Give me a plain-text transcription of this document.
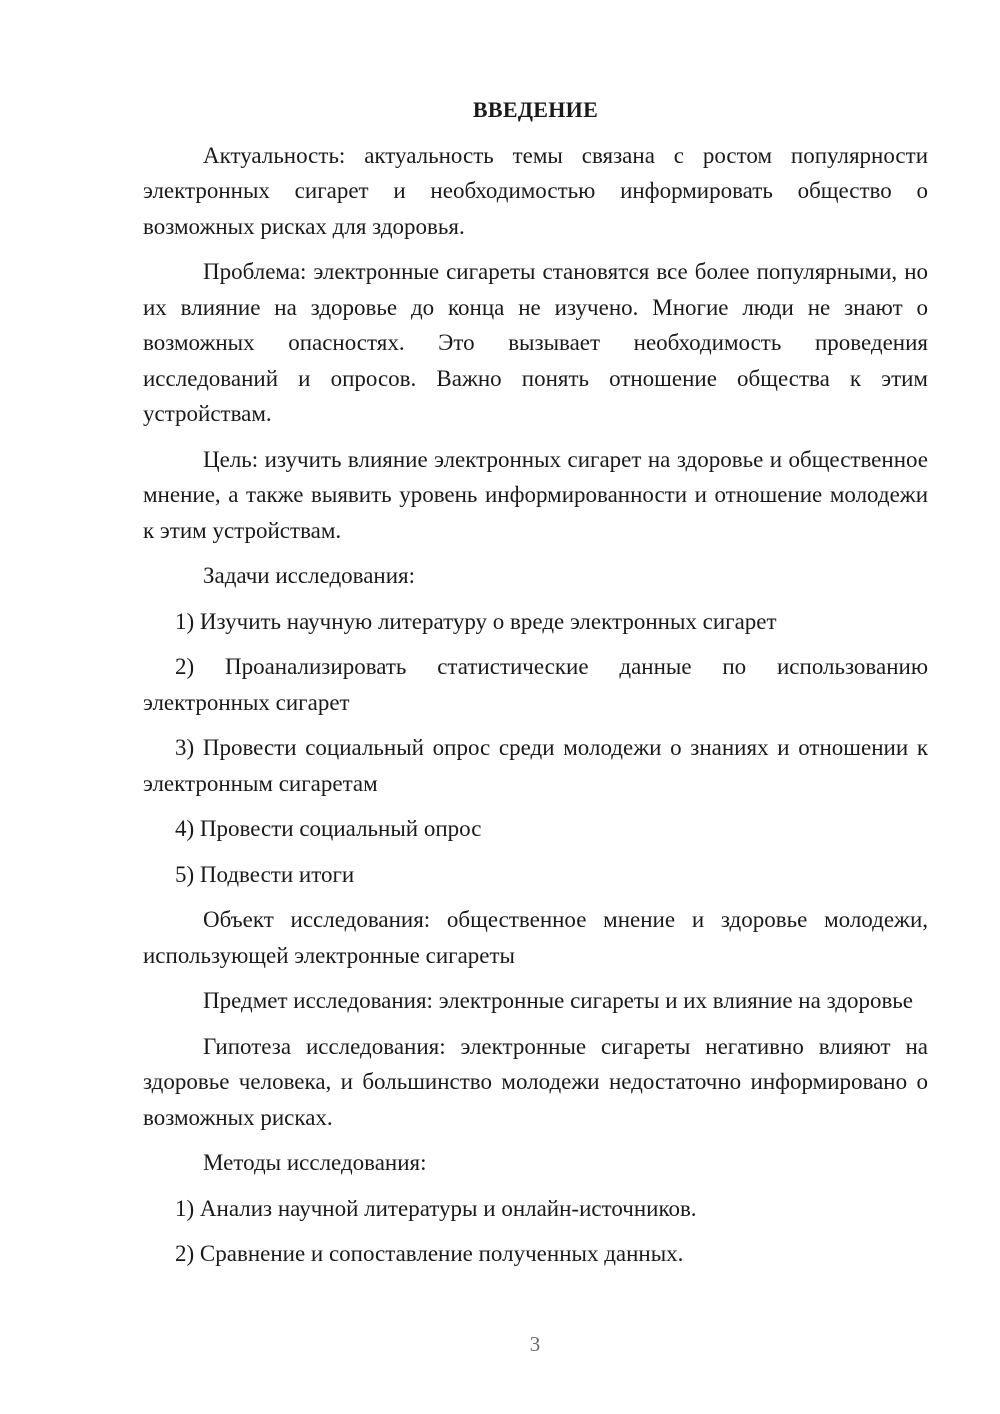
ВВЕДЕНИЕ
Актуальность: актуальность темы связана с ростом популярности электронных сигарет и необходимостью информировать общество о возможных рисках для здоровья.
Проблема: электронные сигареты становятся все более популярными, но их влияние на здоровье до конца не изучено. Многие люди не знают о возможных опасностях. Это вызывает необходимость проведения исследований и опросов. Важно понять отношение общества к этим устройствам.
Цель: изучить влияние электронных сигарет на здоровье и общественное мнение, а также выявить уровень информированности и отношение молодежи к этим устройствам.
Задачи исследования:
1) Изучить научную литературу о вреде электронных сигарет
2) Проанализировать статистические данные по использованию электронных сигарет
3) Провести социальный опрос среди молодежи о знаниях и отношении к электронным сигаретам
4) Провести социальный опрос
5) Подвести итоги
Объект исследования: общественное мнение и здоровье молодежи, использующей электронные сигареты
Предмет исследования: электронные сигареты и их влияние на здоровье
Гипотеза исследования: электронные сигареты негативно влияют на здоровье человека, и большинство молодежи недостаточно информировано о возможных рисках.
Методы исследования:
1) Анализ научной литературы и онлайн-источников.
2) Сравнение и сопоставление полученных данных.
3
